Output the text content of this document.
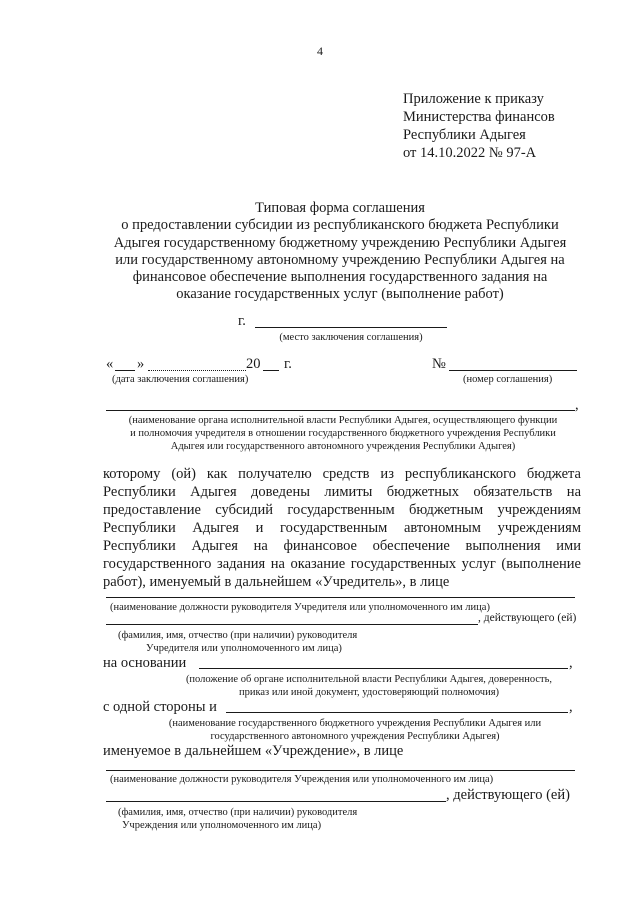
4
Приложение к приказу
Министерства финансов
Республики Адыгея
от 14.10.2022 № 97-А
Типовая форма соглашения
о предоставлении субсидии из республиканского бюджета Республики
Адыгея государственному бюджетному учреждению Республики Адыгея
или государственному автономному учреждению Республики Адыгея на
финансовое обеспечение выполнения государственного задания на
оказание государственных услуг (выполнение работ)
г.
(место заключения соглашения)
« »	20 г.	№
(дата заключения соглашения)	(номер соглашения)
,
(наименование органа исполнительной власти Республики Адыгея, осуществляющего функции
и полномочия учредителя в отношении государственного бюджетного учреждения Республики
Адыгея или государственного автономного учреждения Республики Адыгея)
которому (ой) как получателю средств из республиканского бюджета
Республики Адыгея доведены лимиты бюджетных обязательств на
предоставление субсидий государственным бюджетным учреждениям
Республики Адыгея и государственным автономным учреждениям
Республики Адыгея на финансовое обеспечение выполнения ими
государственного задания на оказание государственных услуг (выполнение
работ), именуемый в дальнейшем «Учредитель», в лице
(наименование должности руководителя Учредителя или уполномоченного им лица)
, действующего (ей)
(фамилия, имя, отчество (при наличии) руководителя
Учредителя или уполномоченного им лица)
на основании	,
(положение об органе исполнительной власти Республики Адыгея, доверенность,
приказ или иной документ, удостоверяющий полномочия)
с одной стороны и	,
(наименование государственного бюджетного учреждения Республики Адыгея или
государственного автономного учреждения Республики Адыгея)
именуемое в дальнейшем «Учреждение», в лице
(наименование должности руководителя Учреждения или уполномоченного им лица)
, действующего (ей)
(фамилия, имя, отчество (при наличии) руководителя
Учреждения или уполномоченного им лица)
